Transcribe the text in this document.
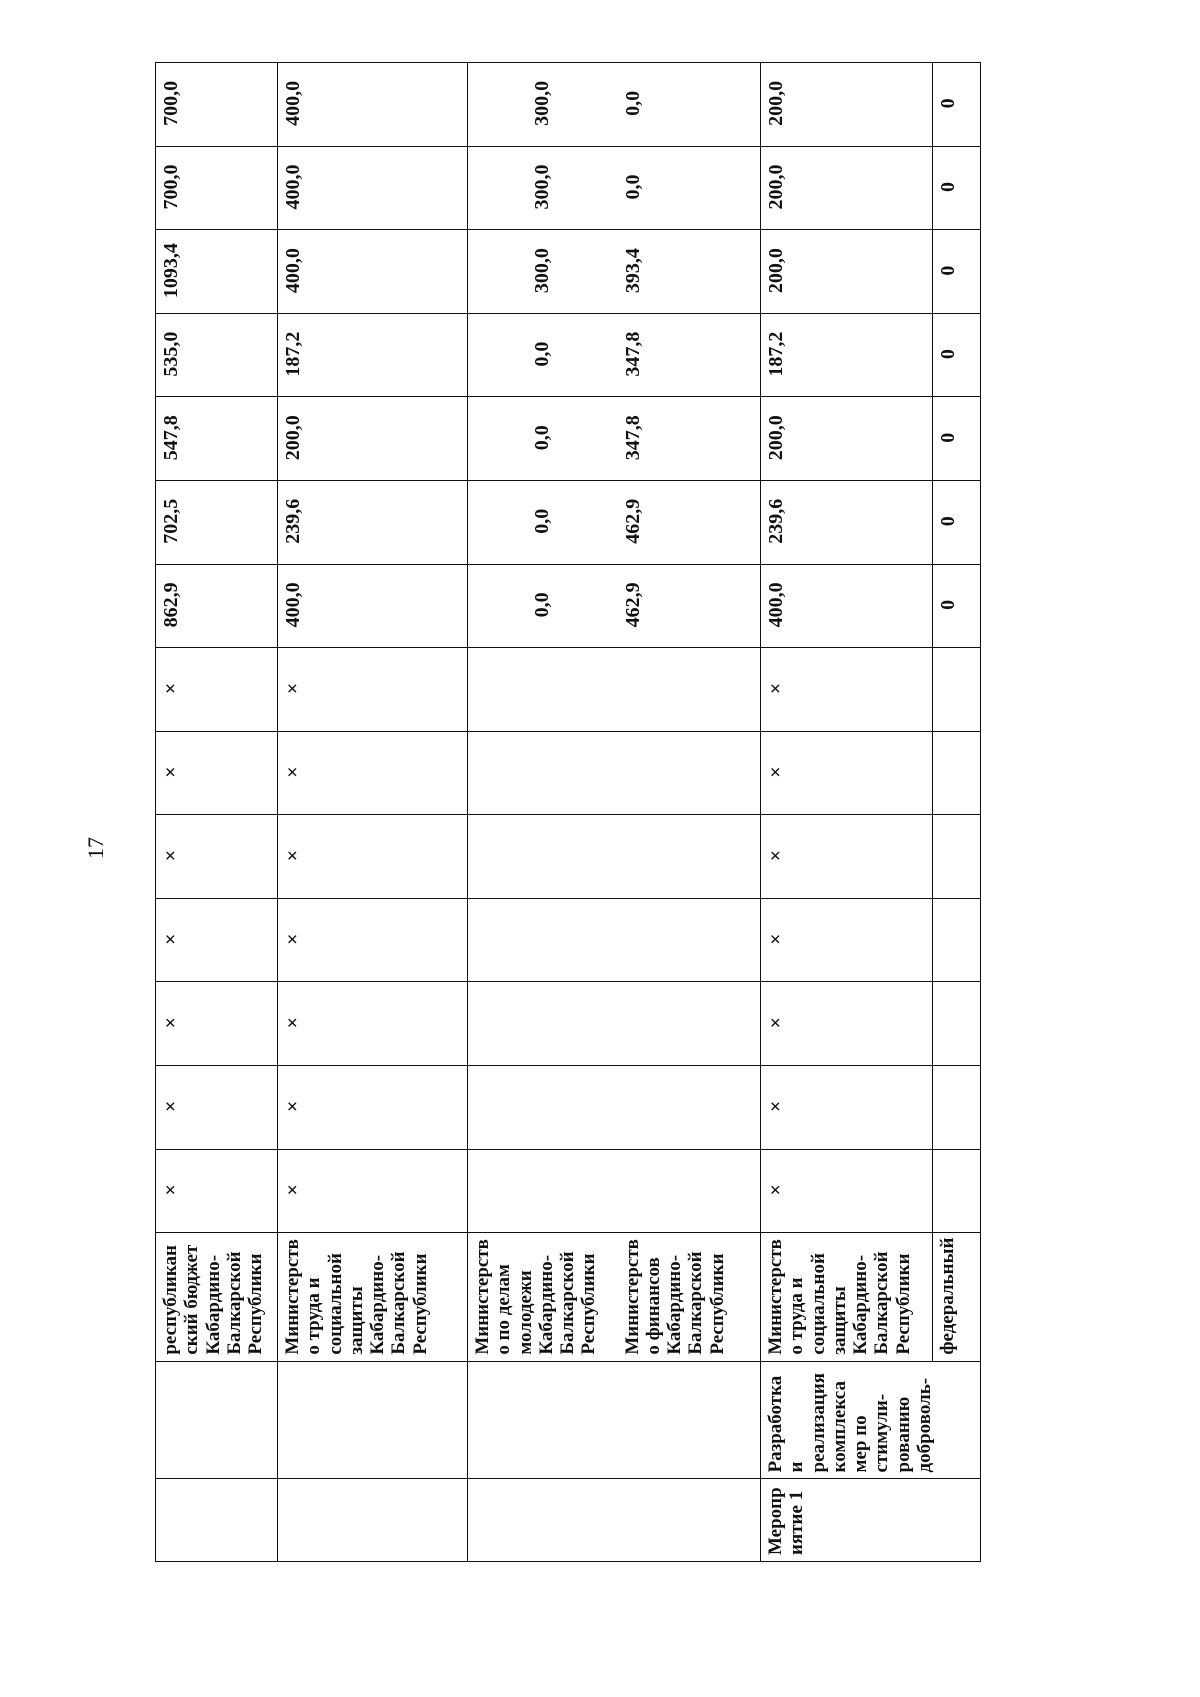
17
		республиканский бюджет Кабардино-Балкарской Республики	×	×	×	×	×	×	×	862,9	702,5	547,8	535,0	1093,4	700,0	700,0
		Министерство труда и социальной защиты Кабардино-Балкарской Республики	×	×	×	×	×	×	×	400,0	239,6	200,0	187,2	400,0	400,0	400,0
		Министерство по делам молодежи Кабардино-Балкарской Республики								0,0	0,0	0,0	0,0	300,0	300,0	300,0
		Министерство финансов Кабардино-Балкарской Республики								462,9	462,9	347,8	347,8	393,4	0,0	0,0
Мероприятие 1	Разработка и реализация комплекса мер по стимули-рованию доброволь-	Министерство труда и социальной защиты Кабардино-Балкарской Республики	×	×	×	×	×	×	×	400,0	239,6	200,0	187,2	200,0	200,0	200,0
		федеральный								0	0	0	0	0	0	0
